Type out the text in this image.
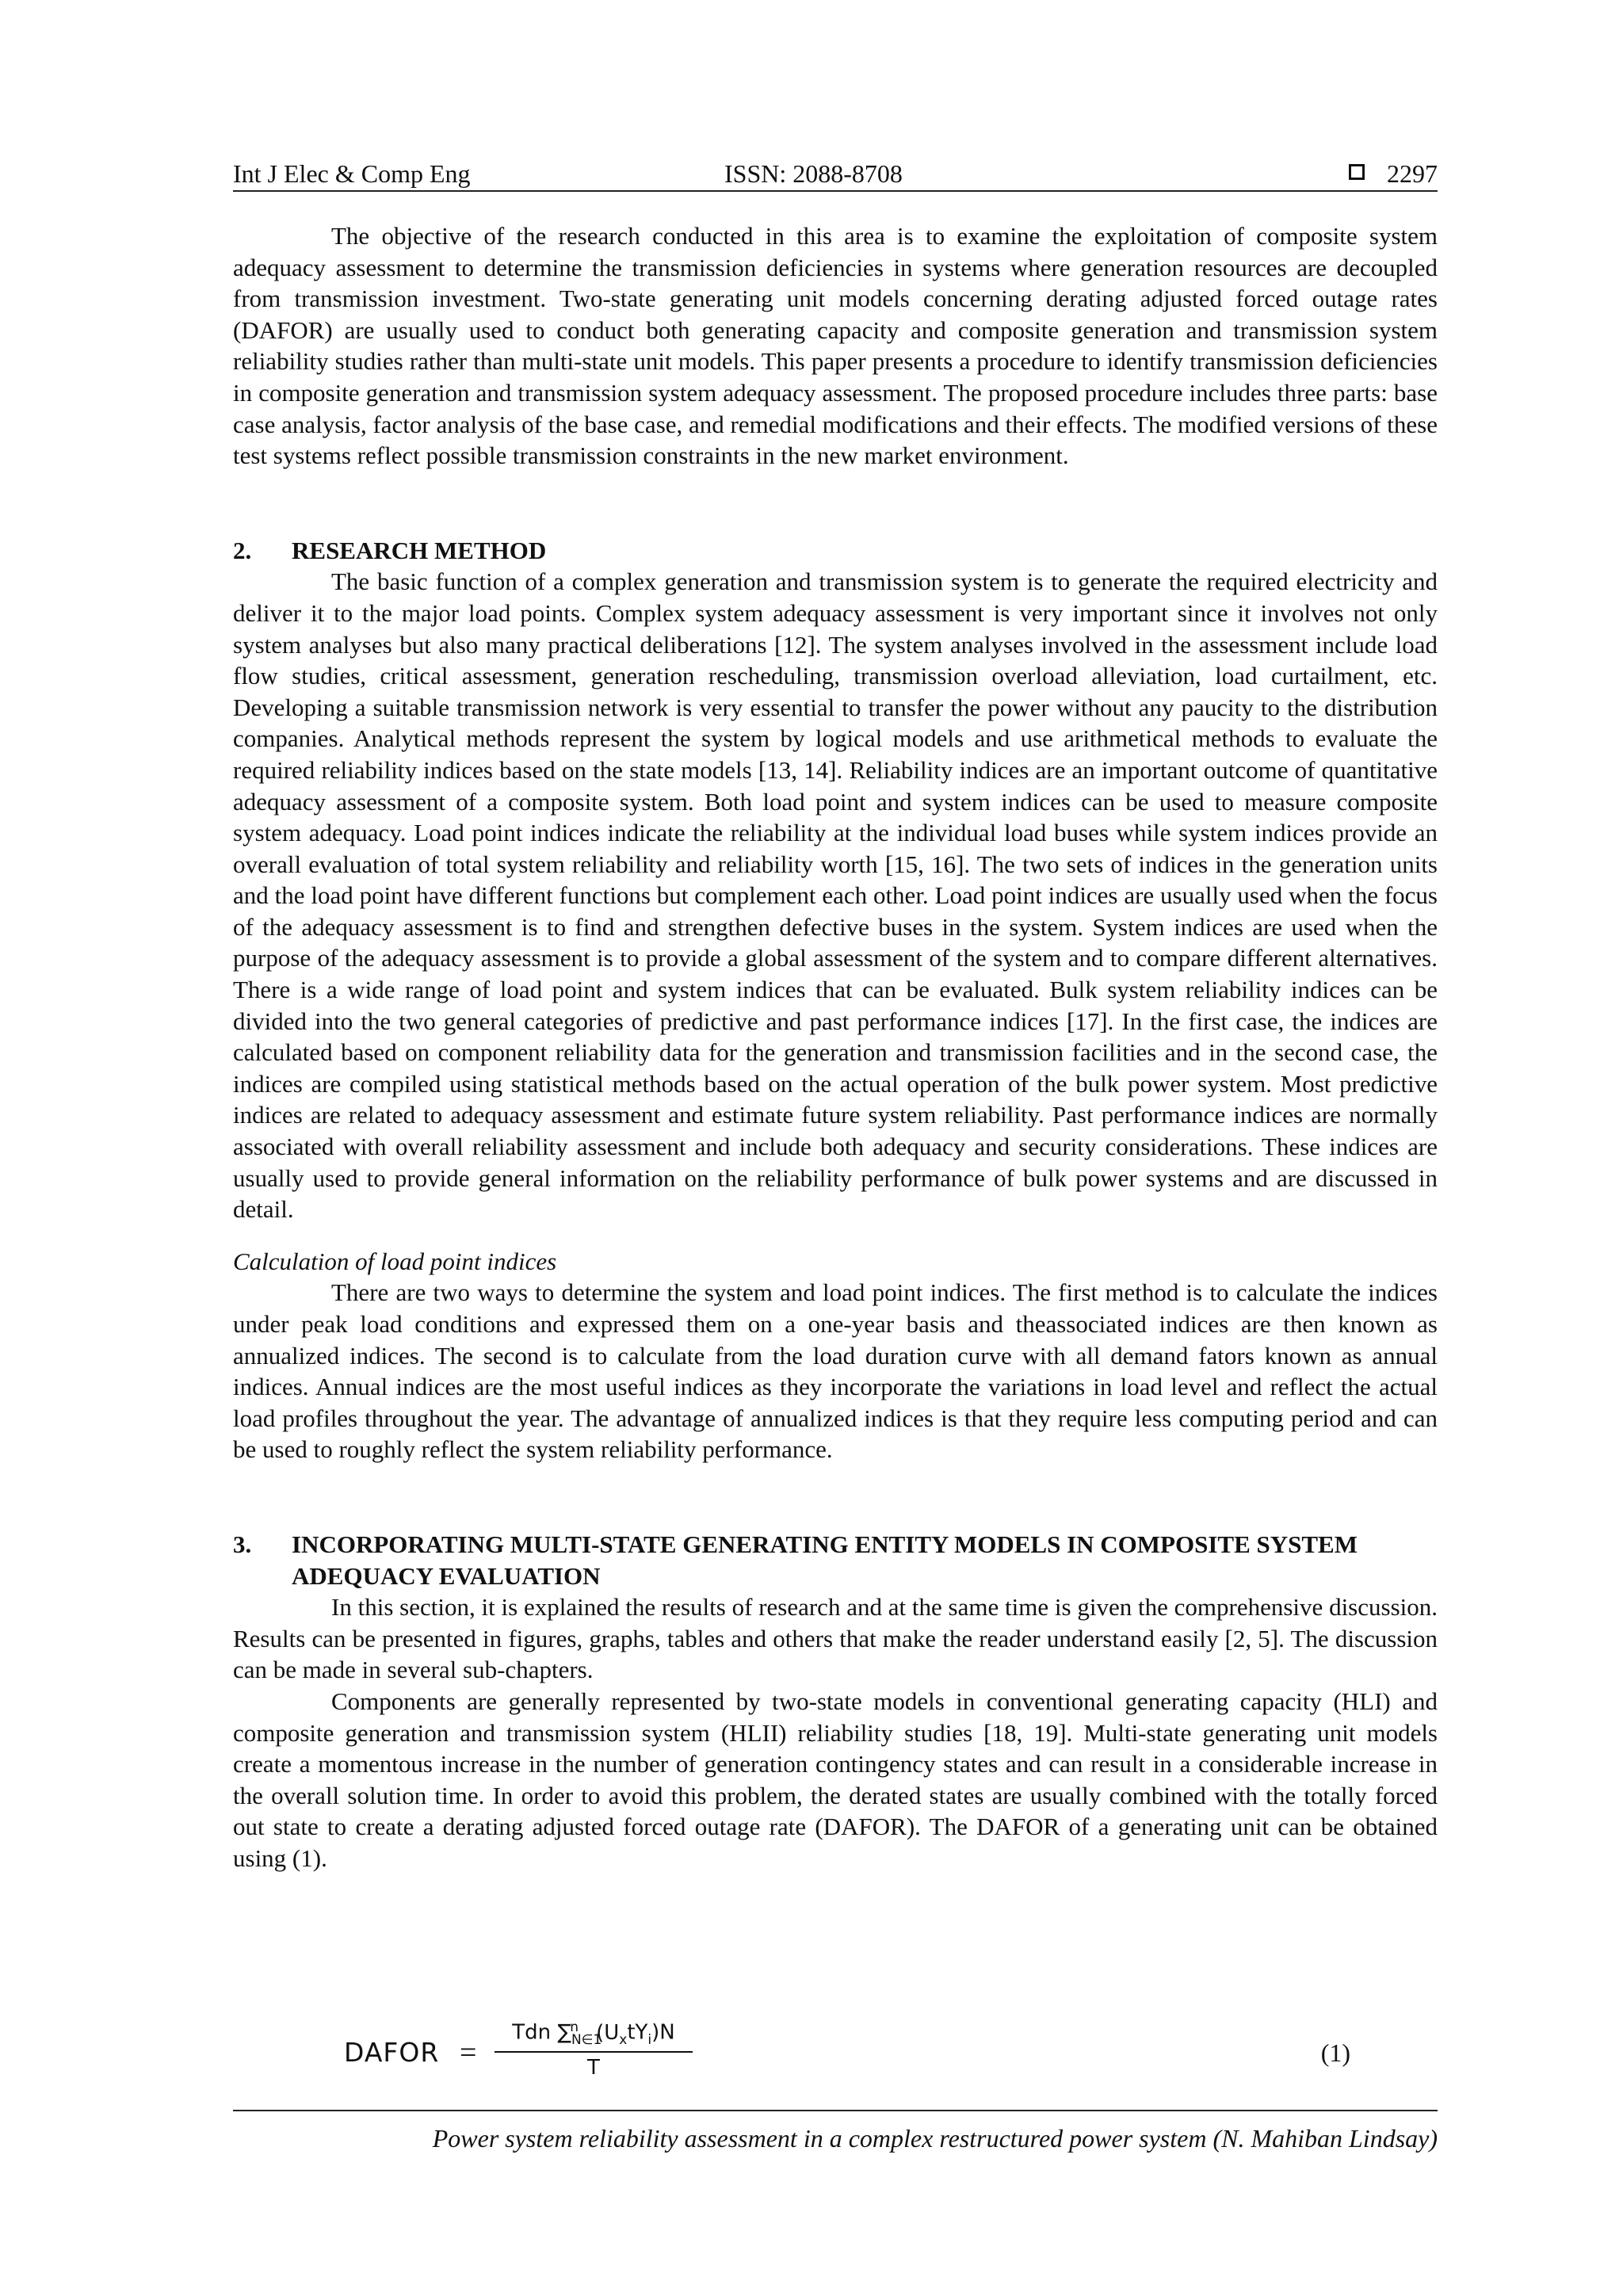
Int J Elec & Comp Eng	ISSN: 2088-8708	2297

The objective of the research conducted in this area is to examine the exploitation of composite system adequacy assessment to determine the transmission deficiencies in systems where generation resources are decoupled from transmission investment. Two-state generating unit models concerning derating adjusted forced outage rates (DAFOR) are usually used to conduct both generating capacity and composite generation and transmission system reliability studies rather than multi-state unit models. This paper presents a procedure to identify transmission deficiencies in composite generation and transmission system adequacy assessment. The proposed procedure includes three parts: base case analysis, factor analysis of the base case, and remedial modifications and their effects. The modified versions of these test systems reflect possible transmission constraints in the new market environment.

2.	RESEARCH METHOD

The basic function of a complex generation and transmission system is to generate the required electricity and deliver it to the major load points. Complex system adequacy assessment is very important since it involves not only system analyses but also many practical deliberations [12]. The system analyses involved in the assessment include load flow studies, critical assessment, generation rescheduling, transmission overload alleviation, load curtailment, etc. Developing a suitable transmission network is very essential to transfer the power without any paucity to the distribution companies. Analytical methods represent the system by logical models and use arithmetical methods to evaluate the required reliability indices based on the state models [13, 14]. Reliability indices are an important outcome of quantitative adequacy assessment of a composite system. Both load point and system indices can be used to measure composite system adequacy. Load point indices indicate the reliability at the individual load buses while system indices provide an overall evaluation of total system reliability and reliability worth [15, 16]. The two sets of indices in the generation units and the load point have different functions but complement each other. Load point indices are usually used when the focus of the adequacy assessment is to find and strengthen defective buses in the system. System indices are used when the purpose of the adequacy assessment is to provide a global assessment of the system and to compare different alternatives. There is a wide range of load point and system indices that can be evaluated. Bulk system reliability indices can be divided into the two general categories of predictive and past performance indices [17]. In the first case, the indices are calculated based on component reliability data for the generation and transmission facilities and in the second case, the indices are compiled using statistical methods based on the actual operation of the bulk power system. Most predictive indices are related to adequacy assessment and estimate future system reliability. Past performance indices are normally associated with overall reliability assessment and include both adequacy and security considerations. These indices are usually used to provide general information on the reliability performance of bulk power systems and are discussed in detail.

Calculation of load point indices

There are two ways to determine the system and load point indices. The first method is to calculate the indices under peak load conditions and expressed them on a one-year basis and theassociated indices are then known as annualized indices. The second is to calculate from the load duration curve with all demand fators known as annual indices. Annual indices are the most useful indices as they incorporate the variations in load level and reflect the actual load profiles throughout the year. The advantage of annualized indices is that they require less computing period and can be used to roughly reflect the system reliability performance.

3.	INCORPORATING MULTI-STATE GENERATING ENTITY MODELS IN COMPOSITE SYSTEM ADEQUACY EVALUATION

In this section, it is explained the results of research and at the same time is given the comprehensive discussion. Results can be presented in figures, graphs, tables and others that make the reader understand easily [2, 5]. The discussion can be made in several sub-chapters.

Components are generally represented by two-state models in conventional generating capacity (HLI) and composite generation and transmission system (HLII) reliability studies [18, 19]. Multi-state generating unit models create a momentous increase in the number of generation contingency states and can result in a considerable increase in the overall solution time. In order to avoid this problem, the derated states are usually combined with the totally forced out state to create a derating adjusted forced outage rate (DAFOR). The DAFOR of a generating unit can be obtained using (1).

DAFOR =
Tdn $\sum_{N\in 1}^n$ $(U_xtY_i)N$
T
(1)
Power system reliability assessment in a complex restructured power system (N. Mahiban Lindsay)
